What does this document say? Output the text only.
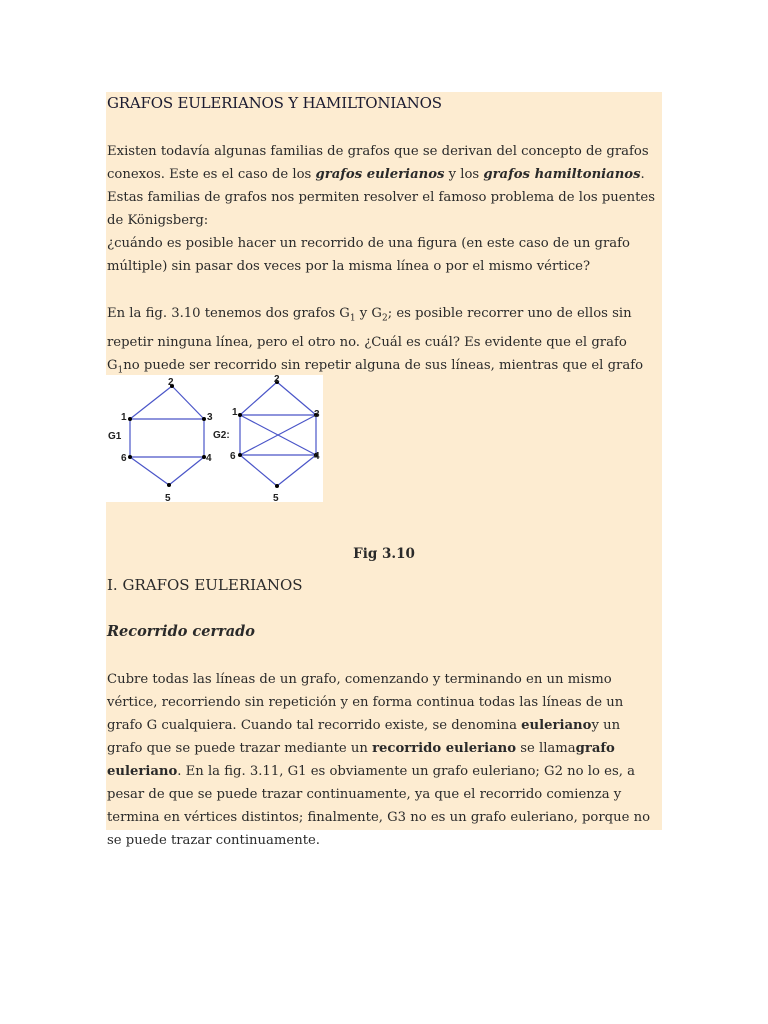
GRAFOS EULERIANOS Y HAMILTONIANOS
Existen todavía algunas familias de grafos que se derivan del concepto de grafos conexos. Este es el caso de los grafos eulerianos y los grafos hamiltonianos. Estas familias de grafos nos permiten resolver el famoso problema de los puentes de Königsberg:
¿cuándo es posible hacer un recorrido de una figura (en este caso de un grafo múltiple) sin pasar dos veces por la misma línea o por el mismo vértice?
En la fig. 3.10 tenemos dos grafos $G_1$ y $G_2$; es posible recorrer uno de ellos sin repetir ninguna línea, pero el otro no. ¿Cuál es cuál? Es evidente que el grafo $G_1no$ puede ser recorrido sin repetir alguna de sus líneas, mientras que el grafo
1
2
3
4
5
6
G1
1
2
3
4
5
6
G2:
Fig 3.10
I. GRAFOS EULERIANOS
Recorrido cerrado
Cubre todas las líneas de un grafo, comenzando y terminando en un mismo vértice, recorriendo sin repetición y en forma continua todas las líneas de un grafo G cualquiera. Cuando tal recorrido existe, se denomina eulerianoy un grafo que se puede trazar mediante un recorrido euleriano se llamagrafo euleriano. En la fig. 3.11, G1 es obviamente un grafo euleriano; G2 no lo es, a pesar de que se puede trazar continuamente, ya que el recorrido comienza y termina en vértices distintos; finalmente, G3 no es un grafo euleriano, porque no se puede trazar continuamente.
